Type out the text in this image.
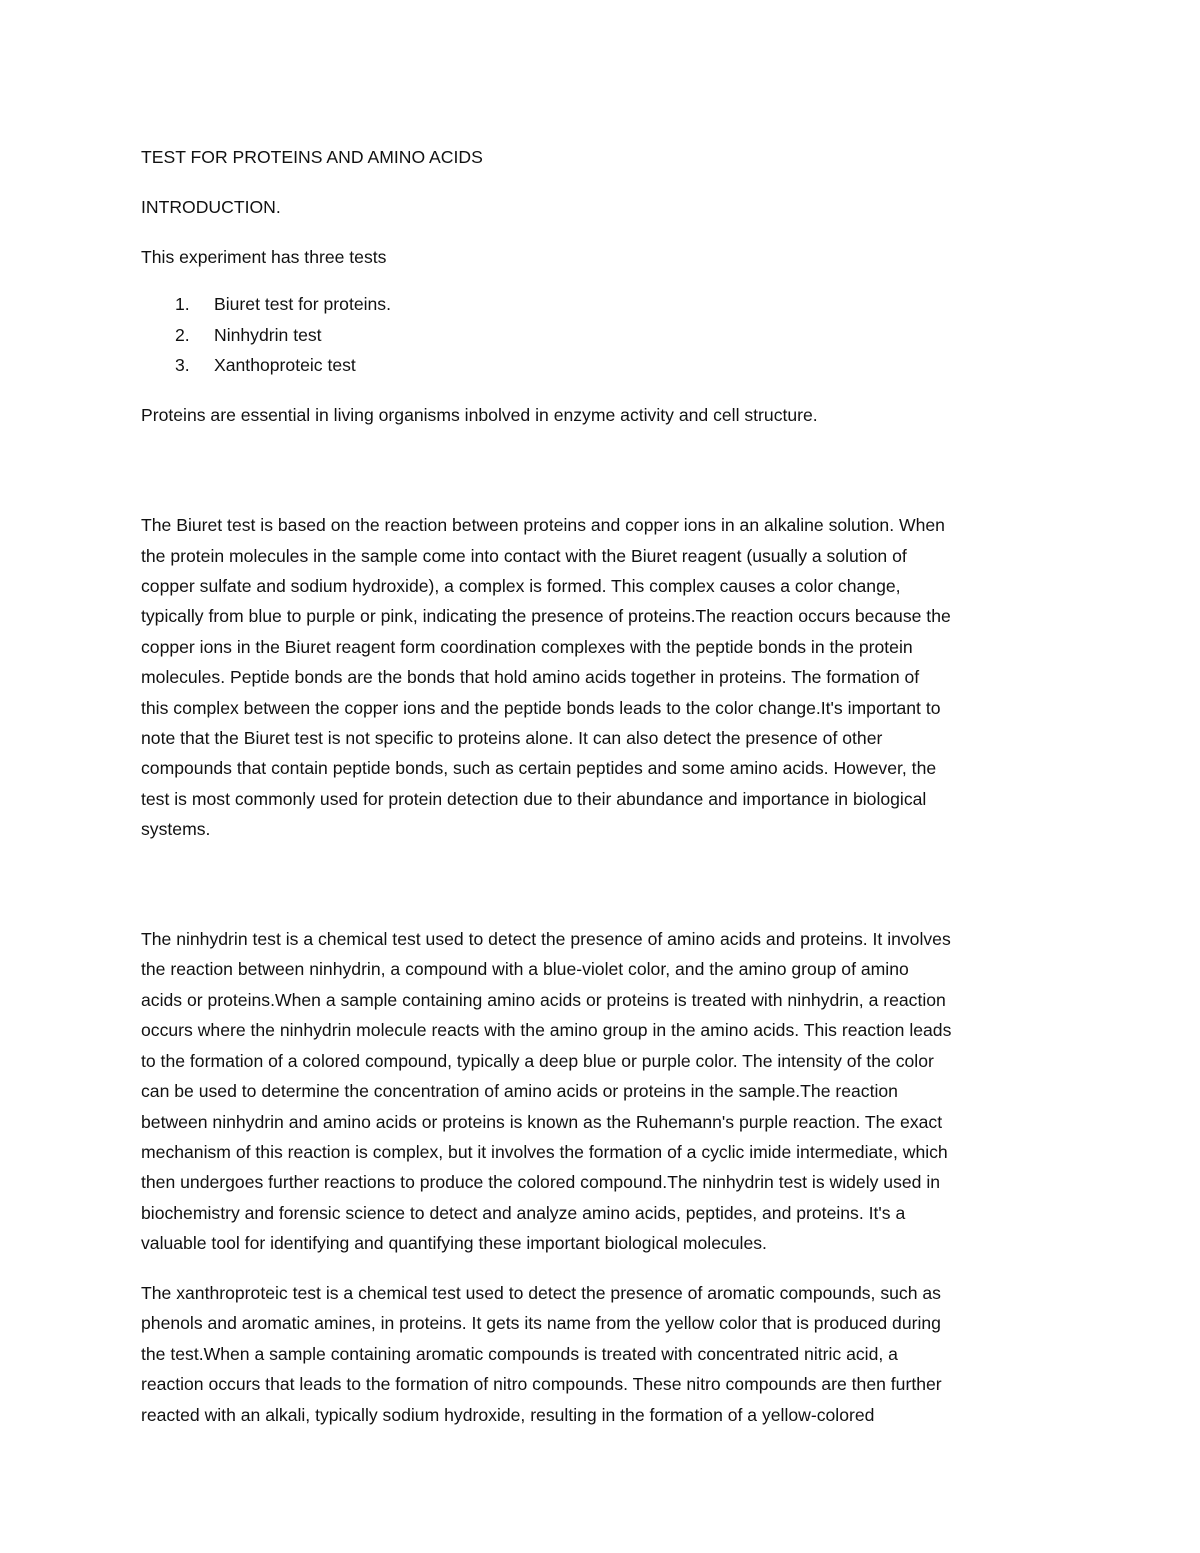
TEST FOR PROTEINS AND AMINO ACIDS

INTRODUCTION.

This experiment has three tests

1. Biuret test for proteins.
2. Ninhydrin test
3. Xanthoproteic test

Proteins are essential in living organisms inbolved in enzyme activity and cell structure.

The Biuret test is based on the reaction between proteins and copper ions in an alkaline solution. When

the protein molecules in the sample come into contact with the Biuret reagent (usually a solution of

copper sulfate and sodium hydroxide), a complex is formed. This complex causes a color change,

typically from blue to purple or pink, indicating the presence of proteins.The reaction occurs because the

copper ions in the Biuret reagent form coordination complexes with the peptide bonds in the protein

molecules. Peptide bonds are the bonds that hold amino acids together in proteins. The formation of

this complex between the copper ions and the peptide bonds leads to the color change.It's important to

note that the Biuret test is not specific to proteins alone. It can also detect the presence of other

compounds that contain peptide bonds, such as certain peptides and some amino acids. However, the

test is most commonly used for protein detection due to their abundance and importance in biological

systems.

The ninhydrin test is a chemical test used to detect the presence of amino acids and proteins. It involves

the reaction between ninhydrin, a compound with a blue-violet color, and the amino group of amino

acids or proteins.When a sample containing amino acids or proteins is treated with ninhydrin, a reaction

occurs where the ninhydrin molecule reacts with the amino group in the amino acids. This reaction leads

to the formation of a colored compound, typically a deep blue or purple color. The intensity of the color

can be used to determine the concentration of amino acids or proteins in the sample.The reaction

between ninhydrin and amino acids or proteins is known as the Ruhemann's purple reaction. The exact

mechanism of this reaction is complex, but it involves the formation of a cyclic imide intermediate, which

then undergoes further reactions to produce the colored compound.The ninhydrin test is widely used in

biochemistry and forensic science to detect and analyze amino acids, peptides, and proteins. It's a

valuable tool for identifying and quantifying these important biological molecules.

The xanthroproteic test is a chemical test used to detect the presence of aromatic compounds, such as

phenols and aromatic amines, in proteins. It gets its name from the yellow color that is produced during

the test.When a sample containing aromatic compounds is treated with concentrated nitric acid, a

reaction occurs that leads to the formation of nitro compounds. These nitro compounds are then further

reacted with an alkali, typically sodium hydroxide, resulting in the formation of a yellow-colored
